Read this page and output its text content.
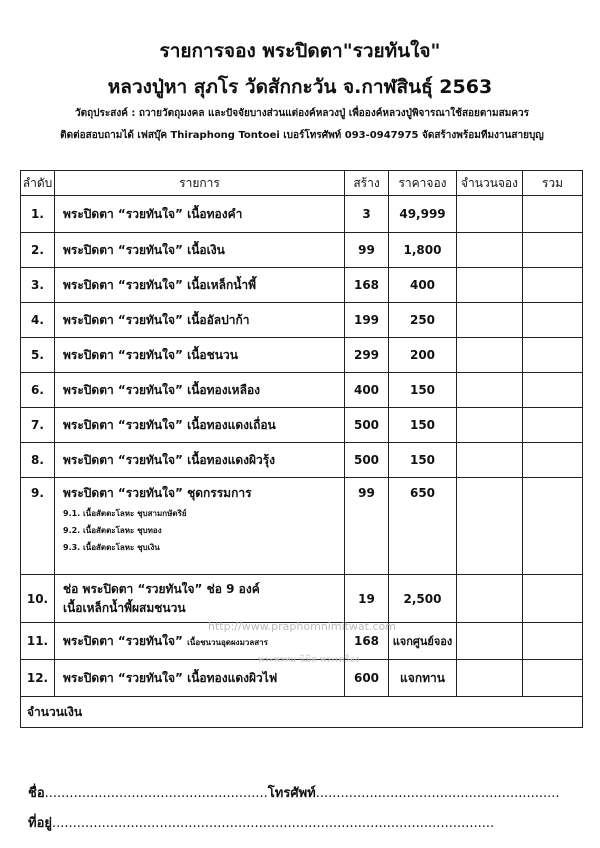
รายการจอง พระปิดตา"รวยทันใจ"
หลวงปู่หา สุภโร วัดสักกะวัน จ.กาฬสินธุ์ 2563
วัตถุประสงค์ : ถวายวัตถุมงคล และปัจจัยบางส่วนแต่องค์หลวงปู่ เพื่อองค์หลวงปู่พิจารณาใช้สอยตามสมควร
ติดต่อสอบถามได้ เฟสบุ๊ค Thiraphong Tontoei เบอร์โทรศัพท์ 093-0947975 จัดสร้างพร้อมทีมงานสายบุญ
ลำดับ	รายการ	สร้าง	ราคาจอง	จำนวนจอง	รวม
1.	พระปิดตา “รวยทันใจ” เนื้อทองคำ	3	49,999		
2.	พระปิดตา “รวยทันใจ” เนื้อเงิน	99	1,800		
3.	พระปิดตา “รวยทันใจ” เนื้อเหล็กน้ำพี้	168	400		
4.	พระปิดตา “รวยทันใจ” เนื้ออัลปาก้า	199	250		
5.	พระปิดตา “รวยทันใจ” เนื้อชนวน	299	200		
6.	พระปิดตา “รวยทันใจ” เนื้อทองเหลือง	400	150		
7.	พระปิดตา “รวยทันใจ” เนื้อทองแดงเถื่อน	500	150		
8.	พระปิดตา “รวยทันใจ” เนื้อทองแดงผิวรุ้ง	500	150		
9.	พระปิดตา “รวยทันใจ” ชุดกรรมการ
9.1. เนื้อสัตตะโลหะ ชุบสามกษัตริย์
9.2. เนื้อสัตตะโลหะ ชุบทอง
9.3. เนื้อสัตตะโลหะ ชุบเงิน	99	650		
10.	ช่อ พระปิดตา “รวยทันใจ” ช่อ 9 องค์
เนื้อเหล็กน้ำพี้ผสมชนวน	19	2,500		
11.	พระปิดตา “รวยทันใจ” เนื้อชนวนอุดผงมวลสาร	168	แจกศูนย์จอง		
12.	พระปิดตา “รวยทันใจ” เนื้อทองแดงผิวไฟ	600	แจกทาน		
จำนวนเงิน					
http://www.praphomnimitwat.com
พระพรหม นิมิต พระเครื่อง
ชื่อ......................................................โทรศัพท์...........................................................
ที่อยู่...........................................................................................................
